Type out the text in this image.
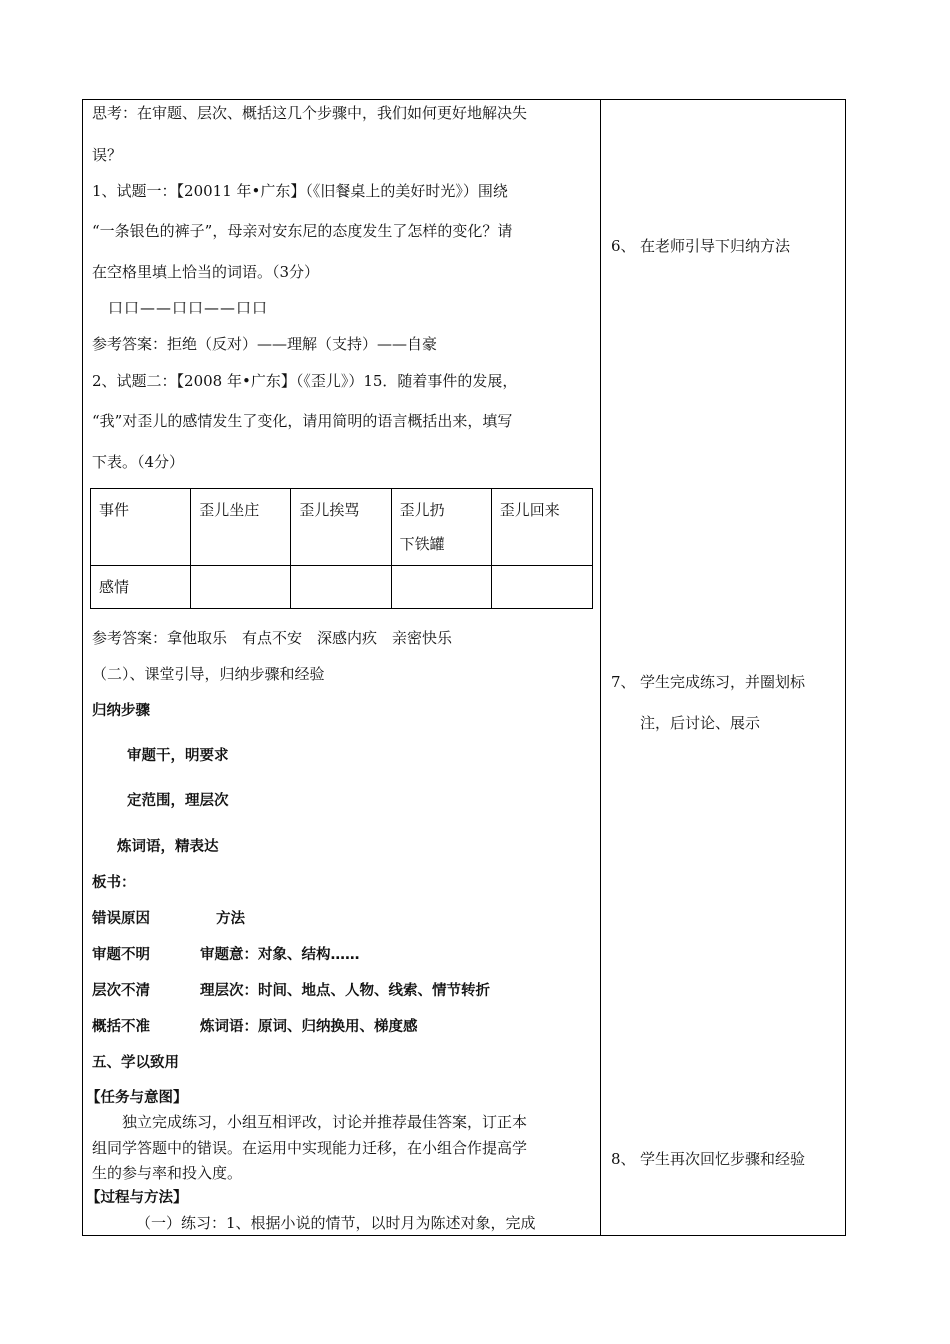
思考：在审题、层次、概括这几个步骤中，我们如何更好地解决失
误？
1、试题一：【20011 年•广东】（《旧餐桌上的美好时光》）围绕
“一条银色的裤子”，母亲对安东尼的态度发生了怎样的变化？请
在空格里填上恰当的词语。（3分）
口口——口口——口口
参考答案：拒绝（反对）——理解（支持）——自豪
2、试题二：【2008 年•广东】（《歪儿》）15．随着事件的发展，
“我”对歪儿的感情发生了变化，请用简明的语言概括出来，填写
下表。（4分）
事件	歪儿坐庄	歪儿挨骂	歪儿扔
下铁罐	歪儿回来
感情				
参考答案：拿他取乐　有点不安　深感内疚　亲密快乐
（二）、课堂引导，归纳步骤和经验
归纳步骤
审题干，明要求
定范围，理层次
炼词语，精表达
板书：
错误原因	方法
审题不明	审题意：对象、结构……
层次不清	理层次：时间、地点、人物、线索、情节转折
概括不准	炼词语：原词、归纳换用、梯度感
五、学以致用
【任务与意图】
独立完成练习，小组互相评改，讨论并推荐最佳答案，订正本
组同学答题中的错误。在运用中实现能力迁移，在小组合作提高学
生的参与率和投入度。
【过程与方法】
（一）练习：1、根据小说的情节，以时月为陈述对象，完成
6、 在老师引导下归纳方法
7、 学生完成练习，并圈划标
注，后讨论、展示
8、 学生再次回忆步骤和经验
